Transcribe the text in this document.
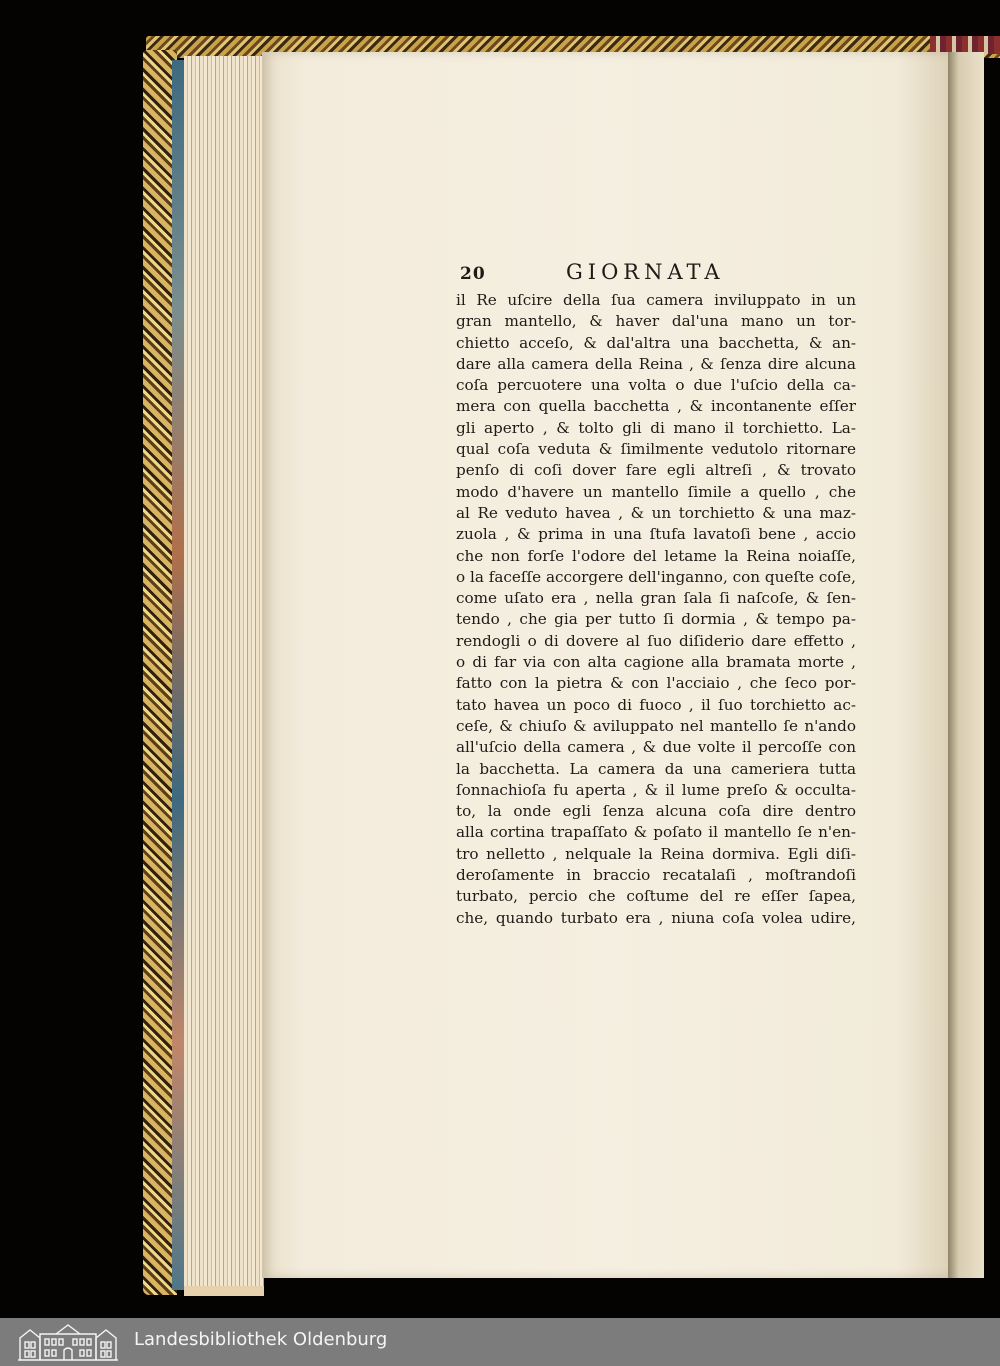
20	GIORNATA
il Re uſcire della ſua camera inviluppato in un
gran mantello, & haver dal'una mano un tor-
chietto acceſo, & dal'altra una bacchetta, & an-
dare alla camera della Reina , & ſenza dire alcuna
coſa percuotere una volta o due l'uſcio della ca-
mera con quella bacchetta , & incontanente eſſer
gli aperto , & tolto gli di mano il torchietto. La-
qual coſa veduta & ſimilmente vedutolo ritornare
penſo di coſi dover fare egli altreſi , & trovato
modo d'havere un mantello ſimile a quello , che
al Re veduto havea , & un torchietto & una maz-
zuola , & prima in una ſtufa lavatoſi bene , accio
che non forſe l'odore del letame la Reina noiaſſe,
o la faceſſe accorgere dell'inganno, con queſte coſe,
come uſato era , nella gran ſala ſi naſcoſe, & ſen-
tendo , che gia per tutto ſi dormia , & tempo pa-
rendogli o di dovere al ſuo diſiderio dare effetto ,
o di far via con alta cagione alla bramata morte ,
fatto con la pietra & con l'acciaio , che ſeco por-
tato havea un poco di fuoco , il ſuo torchietto ac-
ceſe, & chiuſo & aviluppato nel mantello ſe n'ando
all'uſcio della camera , & due volte il percoſſe con
la bacchetta. La camera da una cameriera tutta
ſonnachioſa fu aperta , & il lume preſo & occulta-
to, la onde egli ſenza alcuna coſa dire dentro
alla cortina trapaſſato & poſato il mantello ſe n'en-
tro nelletto , nelquale la Reina dormiva. Egli diſi-
deroſamente in braccio recatalaſi , moſtrandoſi
turbato, percio che coſtume del re eſſer ſapea,
che, quando turbato era , niuna coſa volea udire,
Landesbibliothek Oldenburg
